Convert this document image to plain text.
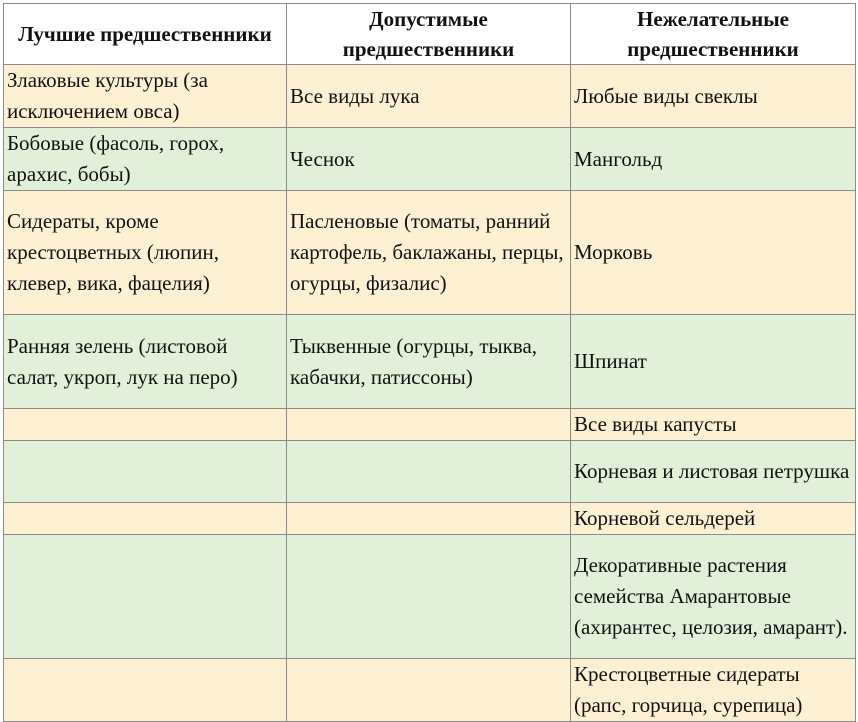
Лучшие предшественники	Допустимые предшественники	Нежелательные предшественники
Злаковые культуры (за исключением овса)	Все виды лука	Любые виды свеклы
Бобовые (фасоль, горох, арахис, бобы)	Чеснок	Мангольд
Сидераты, кроме крестоцветных (люпин, клевер, вика, фацелия)	Пасленовые (томаты, ранний картофель, баклажаны, перцы, огурцы, физалис)	Морковь
Ранняя зелень (листовой салат, укроп, лук на перо)	Тыквенные (огурцы, тыква, кабачки, патиссоны)	Шпинат
		Все виды капусты
		Корневая и листовая петрушка
		Корневой сельдерей
		Декоративные растения семейства Амарантовые (ахирантес, целозия, амарант).
		Крестоцветные сидераты (рапс, горчица, сурепица)
